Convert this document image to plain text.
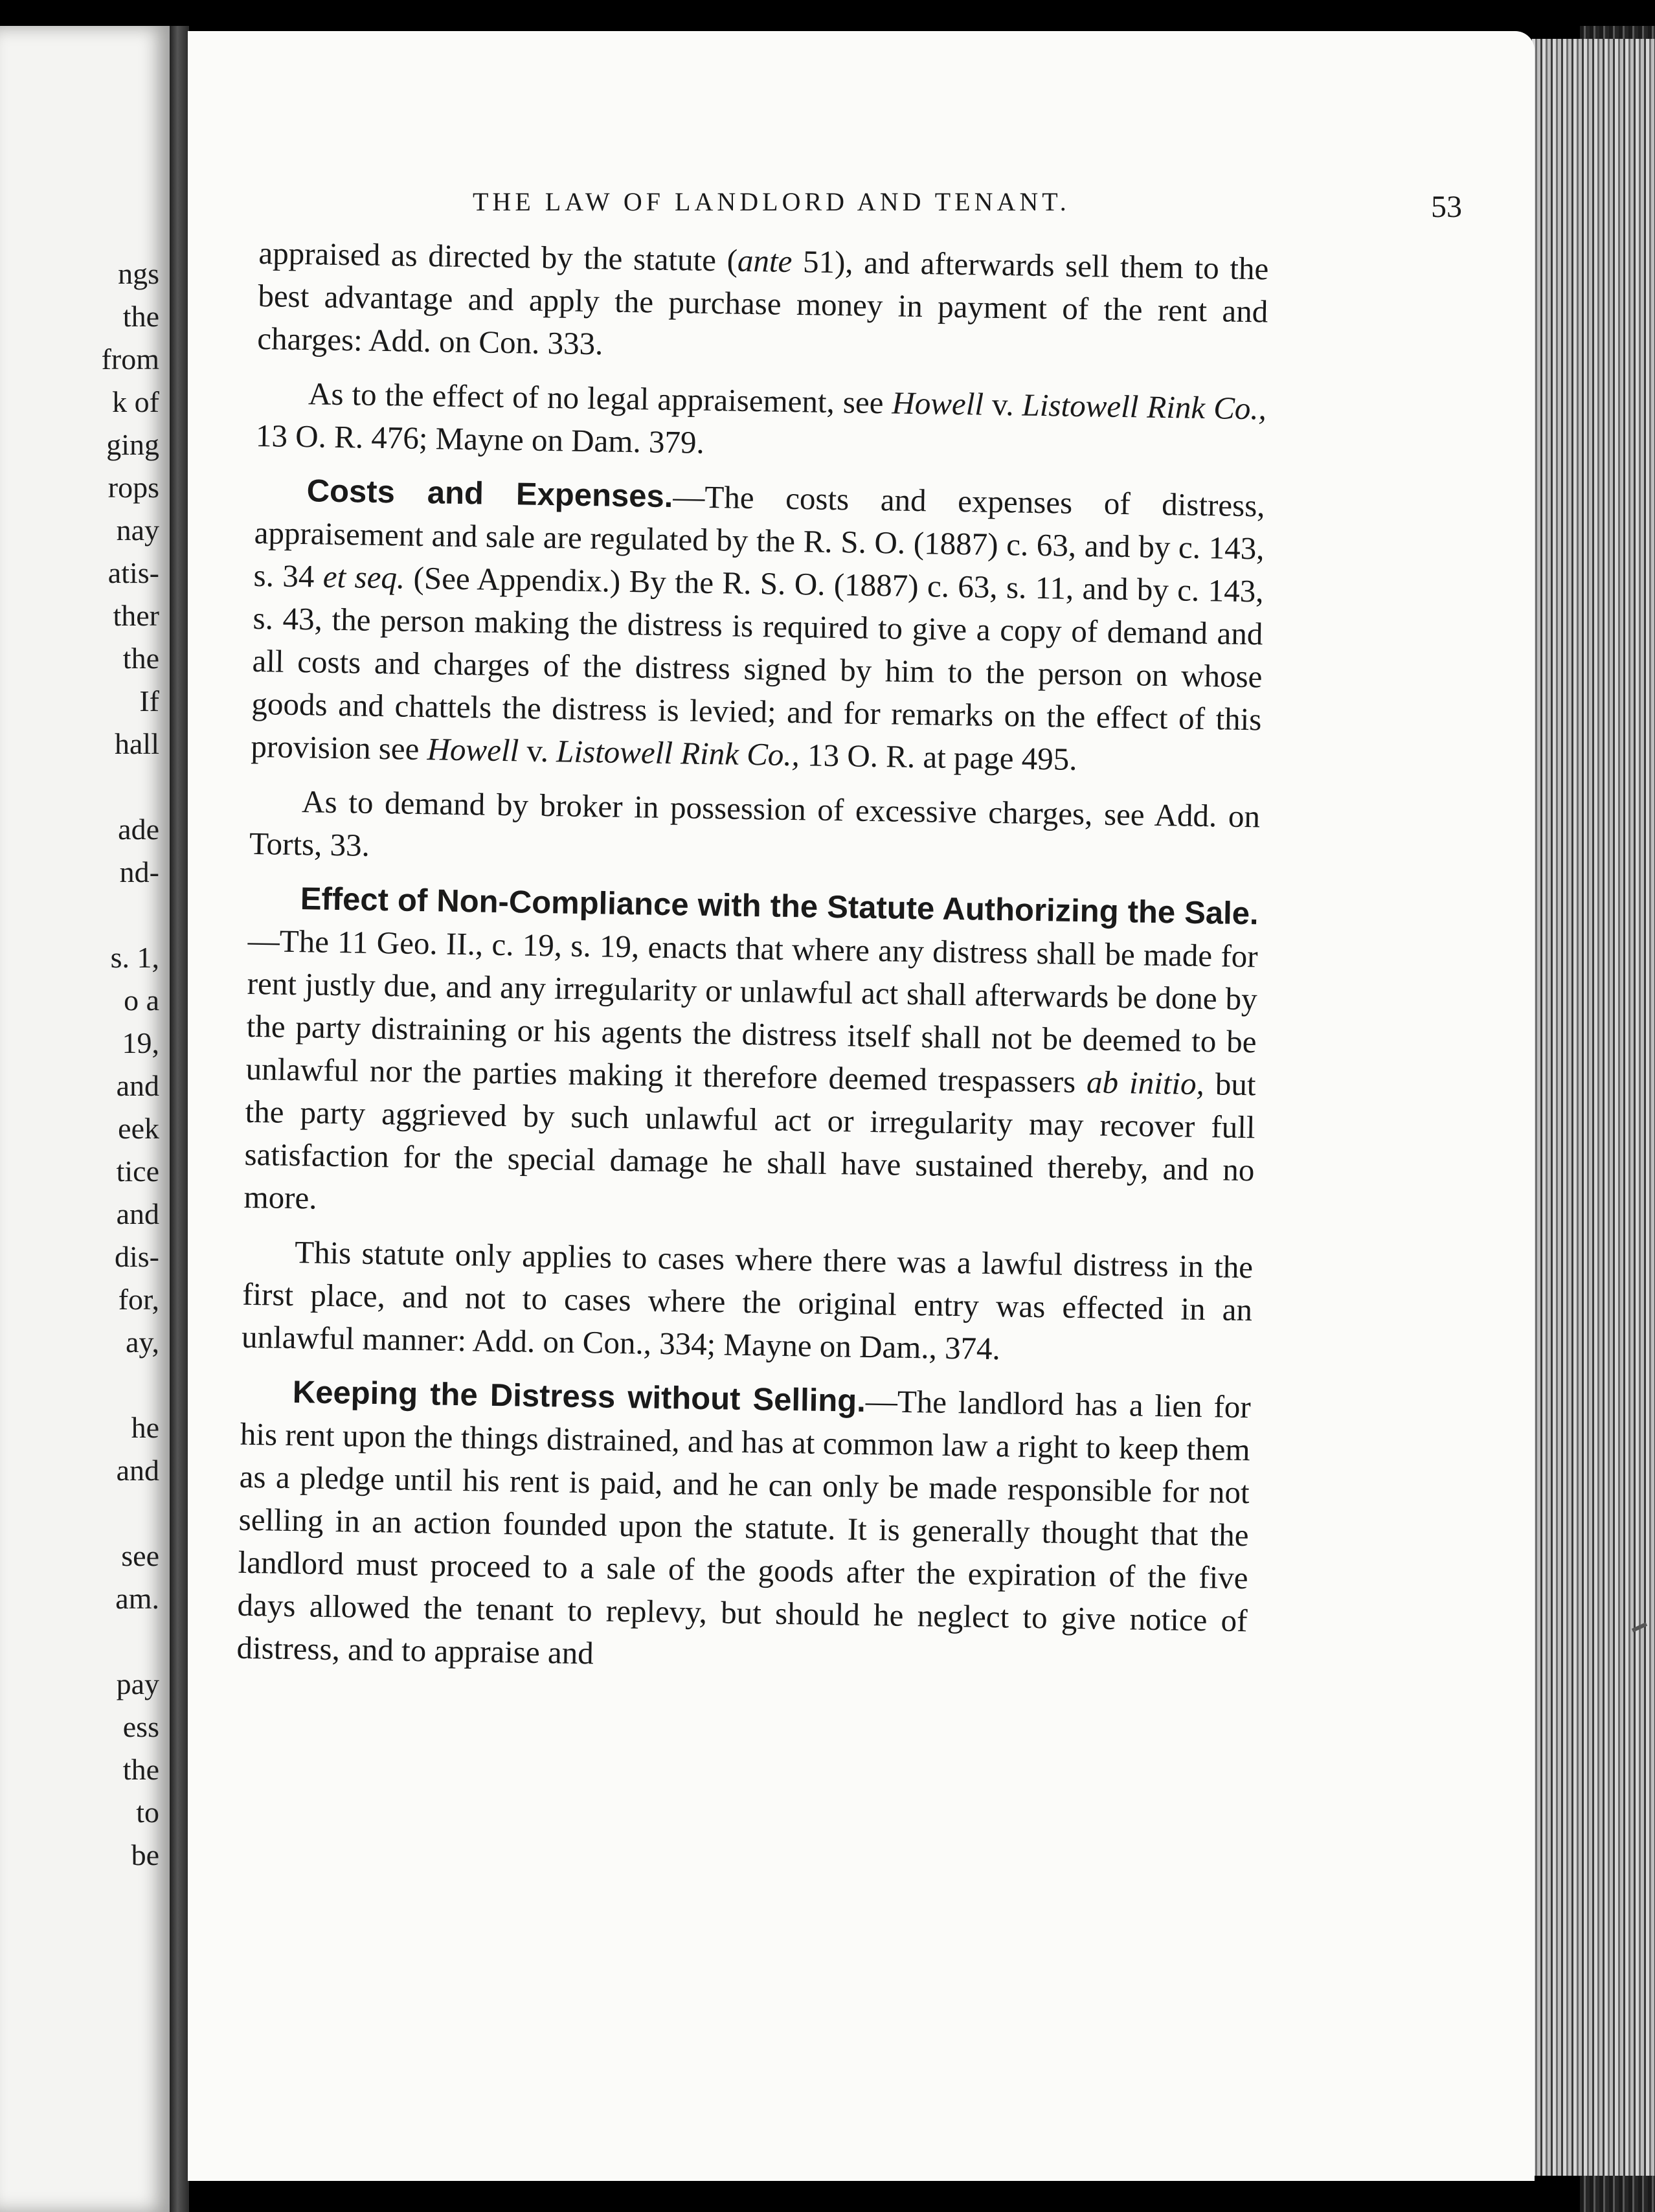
ngs
the
from
k of
ging
rops
nay
atis-
ther
the
If
hall
ade
nd-
s. 1,
o a
19,
and
eek
tice
and
dis-
for,
ay,
he
and
see
am.
pay
ess
the
to
be
THE LAW OF LANDLORD AND TENANT.	53

appraised as directed by the statute (ante 51), and afterwards sell them to the best advantage and apply the purchase money in payment of the rent and charges: Add. on Con. 333.

As to the effect of no legal appraisement, see Howell v. Listowell Rink Co., 13 O. R. 476; Mayne on Dam. 379.

Costs and Expenses.—The costs and expenses of distress, appraisement and sale are regulated by the R. S. O. (1887) c. 63, and by c. 143, s. 34 et seq. (See Appendix.) By the R. S. O. (1887) c. 63, s. 11, and by c. 143, s. 43, the person making the distress is required to give a copy of demand and all costs and charges of the distress signed by him to the person on whose goods and chattels the distress is levied; and for remarks on the effect of this provision see Howell v. Listowell Rink Co., 13 O. R. at page 495.

As to demand by broker in possession of excessive charges, see Add. on Torts, 33.

Effect of Non-Compliance with the Statute Authorizing the Sale.—The 11 Geo. II., c. 19, s. 19, enacts that where any distress shall be made for rent justly due, and any irregularity or unlawful act shall afterwards be done by the party distraining or his agents the distress itself shall not be deemed to be unlawful nor the parties making it therefore deemed trespassers ab initio, but the party aggrieved by such unlawful act or irregularity may recover full satisfaction for the special damage he shall have sustained thereby, and no more.

This statute only applies to cases where there was a lawful distress in the first place, and not to cases where the original entry was effected in an unlawful manner: Add. on Con., 334; Mayne on Dam., 374.

Keeping the Distress without Selling.—The landlord has a lien for his rent upon the things distrained, and has at common law a right to keep them as a pledge until his rent is paid, and he can only be made responsible for not selling in an action founded upon the statute. It is generally thought that the landlord must proceed to a sale of the goods after the expiration of the five days allowed the tenant to replevy, but should he neglect to give notice of distress, and to appraise and
